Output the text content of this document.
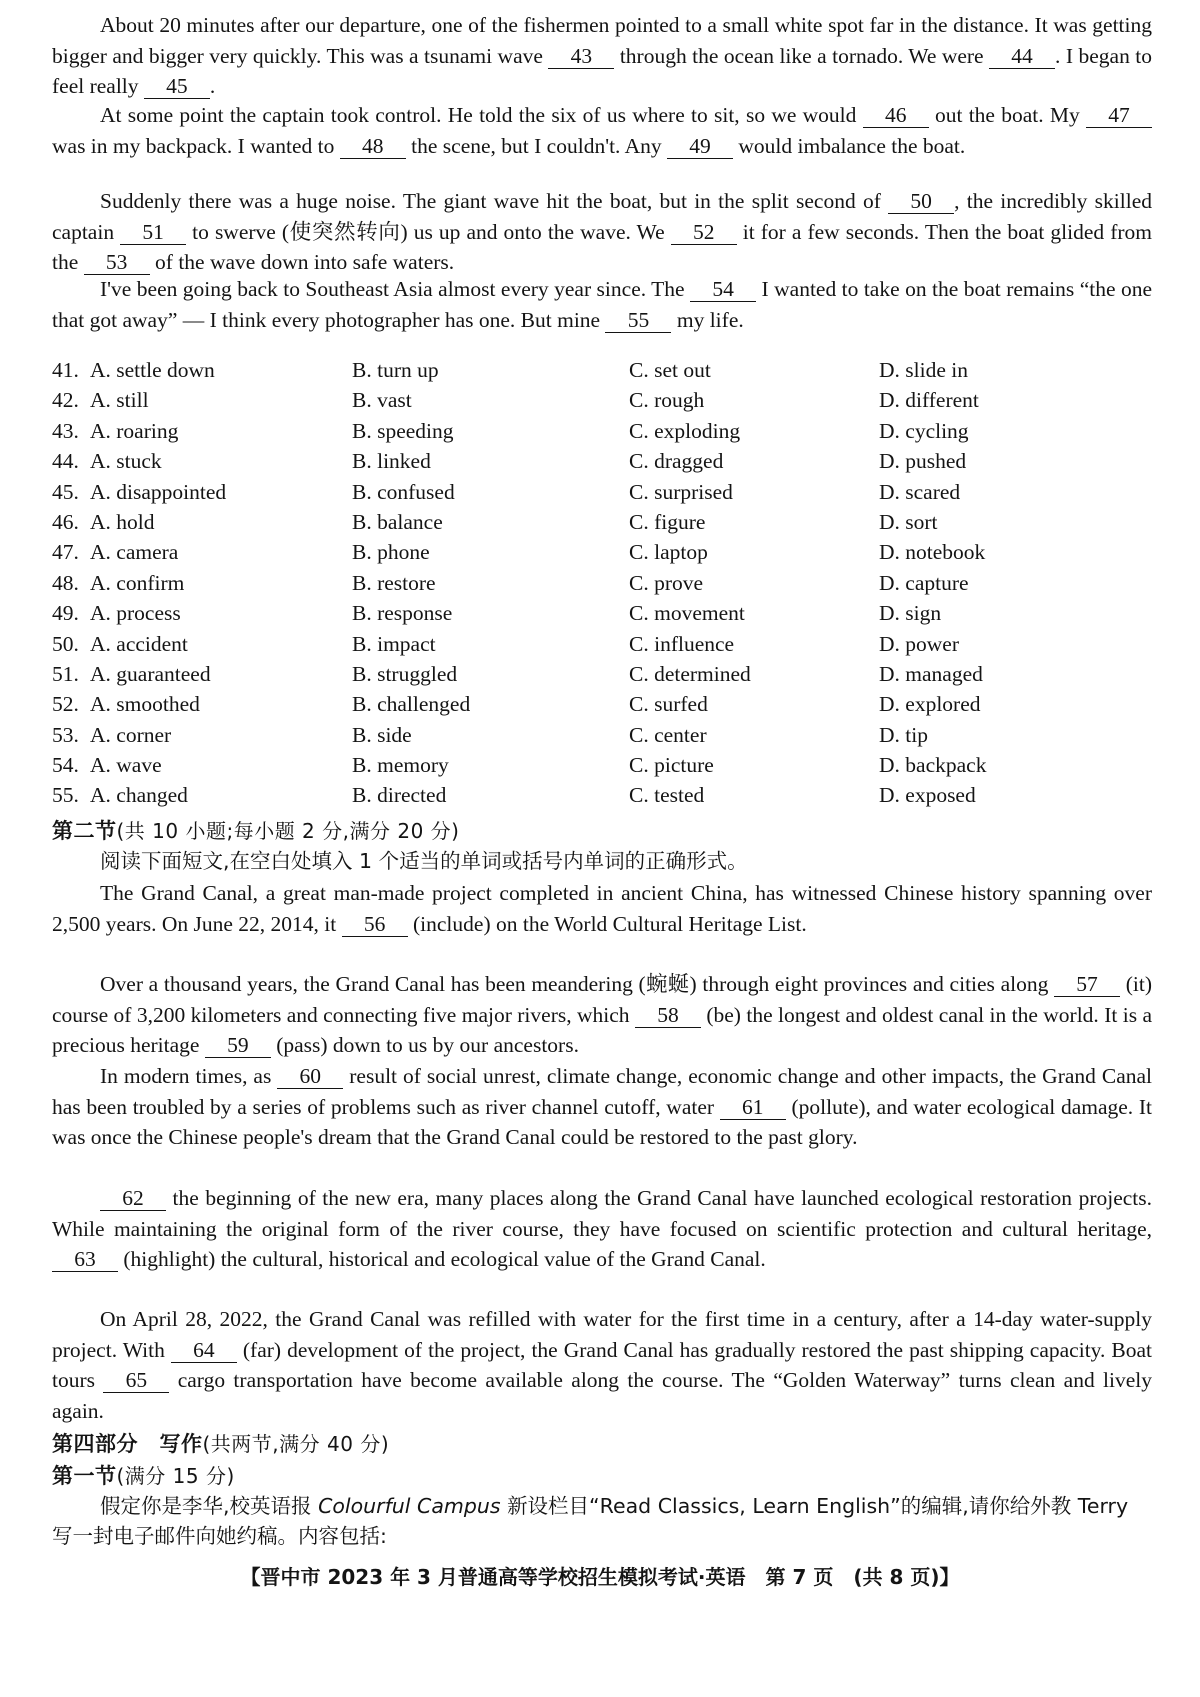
About 20 minutes after our departure, one of the fishermen pointed to a small white spot far in the distance. It was getting bigger and bigger very quickly. This was a tsunami wave 43 through the ocean like a tornado. We were 44 . I began to feel really 45 .

At some point the captain took control. He told the six of us where to sit, so we would 46 out the boat. My 47 was in my backpack. I wanted to 48 the scene, but I couldn't. Any 49 would imbalance the boat.

Suddenly there was a huge noise. The giant wave hit the boat, but in the split second of 50 , the incredibly skilled captain 51 to swerve (使突然转向) us up and onto the wave. We 52 it for a few seconds. Then the boat glided from the 53 of the wave down into safe waters.

I've been going back to Southeast Asia almost every year since. The 54 I wanted to take on the boat remains “the one that got away” — I think every photographer has one. But mine 55 my life.

41. A. settle down	B. turn up	C. set out	D. slide in
42. A. still	B. vast	C. rough	D. different
43. A. roaring	B. speeding	C. exploding	D. cycling
44. A. stuck	B. linked	C. dragged	D. pushed
45. A. disappointed	B. confused	C. surprised	D. scared
46. A. hold	B. balance	C. figure	D. sort
47. A. camera	B. phone	C. laptop	D. notebook
48. A. confirm	B. restore	C. prove	D. capture
49. A. process	B. response	C. movement	D. sign
50. A. accident	B. impact	C. influence	D. power
51. A. guaranteed	B. struggled	C. determined	D. managed
52. A. smoothed	B. challenged	C. surfed	D. explored
53. A. corner	B. side	C. center	D. tip
54. A. wave	B. memory	C. picture	D. backpack
55. A. changed	B. directed	C. tested	D. exposed
第二节(共 10 小题;每小题 2 分,满分 20 分)
阅读下面短文,在空白处填入 1 个适当的单词或括号内单词的正确形式。

The Grand Canal, a great man-made project completed in ancient China, has witnessed Chinese history spanning over 2,500 years. On June 22, 2014, it 56 (include) on the World Cultural Heritage List.

Over a thousand years, the Grand Canal has been meandering (蜿蜒) through eight provinces and cities along 57 (it) course of 3,200 kilometers and connecting five major rivers, which 58 (be) the longest and oldest canal in the world. It is a precious heritage 59 (pass) down to us by our ancestors.

In modern times, as 60 result of social unrest, climate change, economic change and other impacts, the Grand Canal has been troubled by a series of problems such as river channel cutoff, water 61 (pollute), and water ecological damage. It was once the Chinese people's dream that the Grand Canal could be restored to the past glory.

62 the beginning of the new era, many places along the Grand Canal have launched ecological restoration projects. While maintaining the original form of the river course, they have focused on scientific protection and cultural heritage, 63 (highlight) the cultural, historical and ecological value of the Grand Canal.

On April 28, 2022, the Grand Canal was refilled with water for the first time in a century, after a 14-day water-supply project. With 64 (far) development of the project, the Grand Canal has gradually restored the past shipping capacity. Boat tours 65 cargo transportation have become available along the course. The “Golden Waterway” turns clean and lively again.

第四部分　 写作(共两节,满分 40 分)
第一节(满分 15 分)
假定你是李华,校英语报 Colourful Campus 新设栏目“Read Classics, Learn English”的编辑,请你给外教 Terry 写一封电子邮件向她约稿。内容包括:
【晋中市 2023 年 3 月普通高等学校招生模拟考试·英语　第 7 页　(共 8 页)】
